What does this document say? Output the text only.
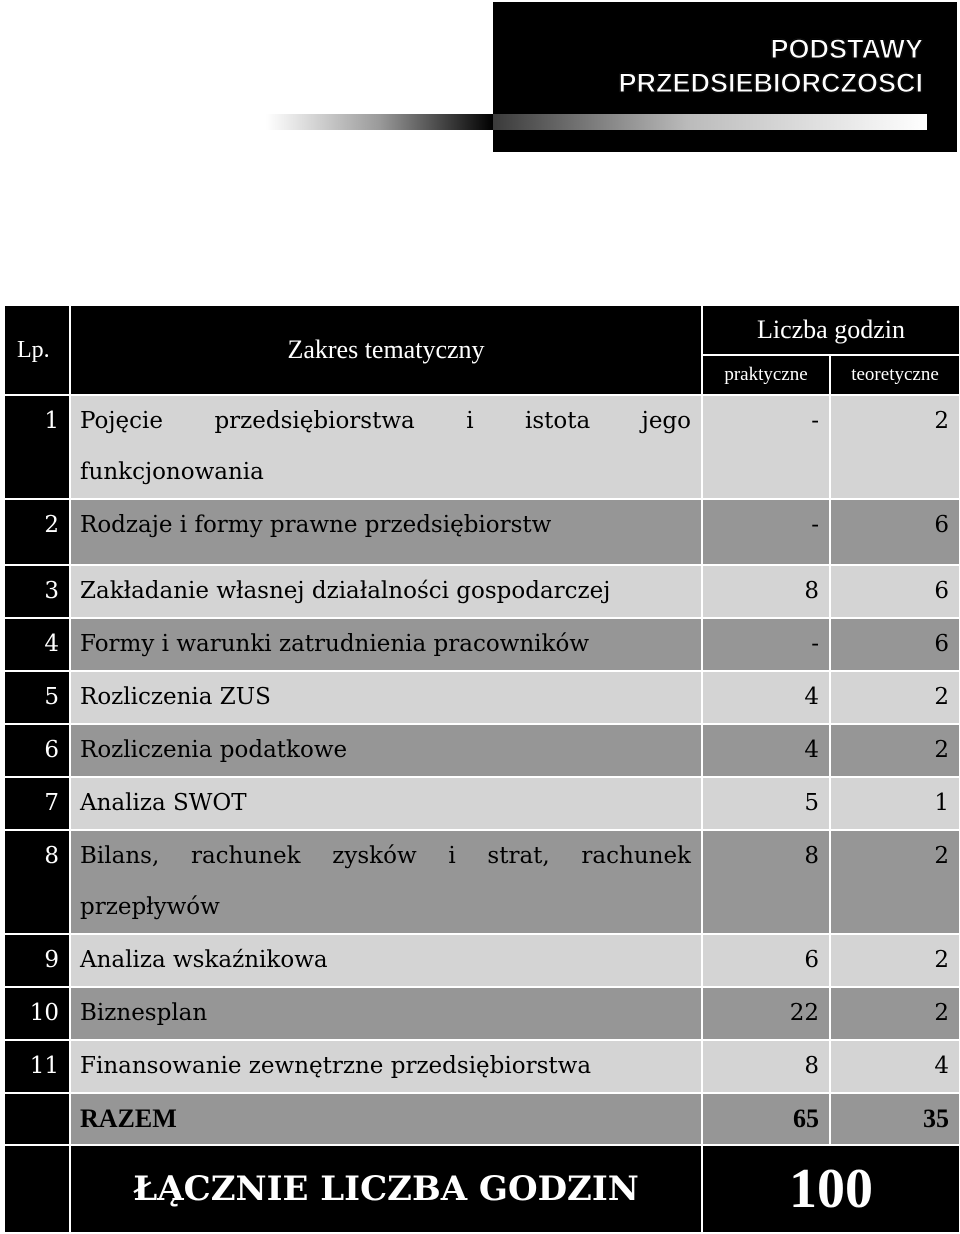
PODSTAWY
PRZEDSIEBIORCZOSCI
Lp.	Zakres tematyczny	Liczba godzin	
		praktyczne	teoretyczne
1	Pojęcie przedsiębiorstwa i istota jego funkcjonowania	-	2
2	Rodzaje i formy prawne przedsiębiorstw	-	6
3	Zakładanie własnej działalności gospodarczej	8	6
4	Formy i warunki zatrudnienia pracowników	-	6
5	Rozliczenia ZUS	4	2
6	Rozliczenia podatkowe	4	2
7	Analiza SWOT	5	1
8	Bilans, rachunek zysków i strat, rachunek przepływów	8	2
9	Analiza wskaźnikowa	6	2
10	Biznesplan	22	2
11	Finansowanie zewnętrzne przedsiębiorstwa	8	4
	RAZEM	65	35
	ŁĄCZNIE LICZBA GODZIN	100	
